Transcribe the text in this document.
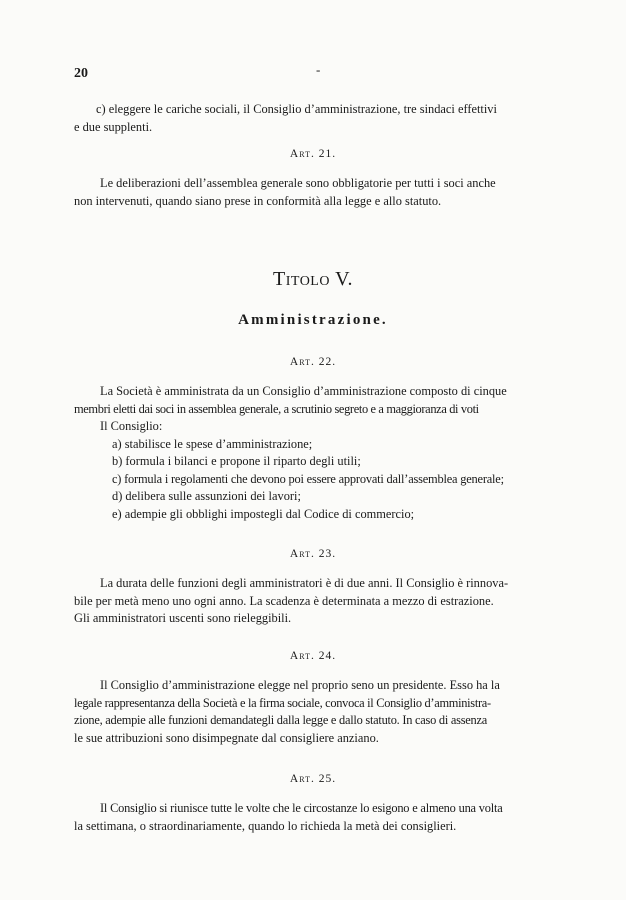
20	-

c) eleggere le cariche sociali, il Consiglio d’amministrazione, tre sindaci effettivi

e due supplenti.

Art. 21.

Le deliberazioni dell’assemblea generale sono obbligatorie per tutti i soci anche

non intervenuti, quando siano prese in conformità alla legge e allo statuto.

Titolo V.
Amministrazione.
Art. 22.

La Società è amministrata da un Consiglio d’amministrazione composto di cinque

membri eletti dai soci in assemblea generale, a scrutinio segreto e a maggioranza di voti

Il Consiglio:

a) stabilisce le spese d’amministrazione;

b) formula i bilanci e propone il riparto degli utili;

c) formula i regolamenti che devono poi essere approvati dall’assemblea generale;

d) delibera sulle assunzioni dei lavori;

e) adempie gli obblighi impostegli dal Codice di commercio;

Art. 23.

La durata delle funzioni degli amministratori è di due anni. Il Consiglio è rinnova-

bile per metà meno uno ogni anno. La scadenza è determinata a mezzo di estrazione.

Gli amministratori uscenti sono rieleggibili.

Art. 24.

Il Consiglio d’amministrazione elegge nel proprio seno un presidente. Esso ha la

legale rappresentanza della Società e la firma sociale, convoca il Consiglio d’amministra-

zione, adempie alle funzioni demandategli dalla legge e dallo statuto. In caso di assenza

le sue attribuzioni sono disimpegnate dal consigliere anziano.

Art. 25.

Il Consiglio si riunisce tutte le volte che le circostanze lo esigono e almeno una volta

la settimana, o straordinariamente, quando lo richieda la metà dei consiglieri.
